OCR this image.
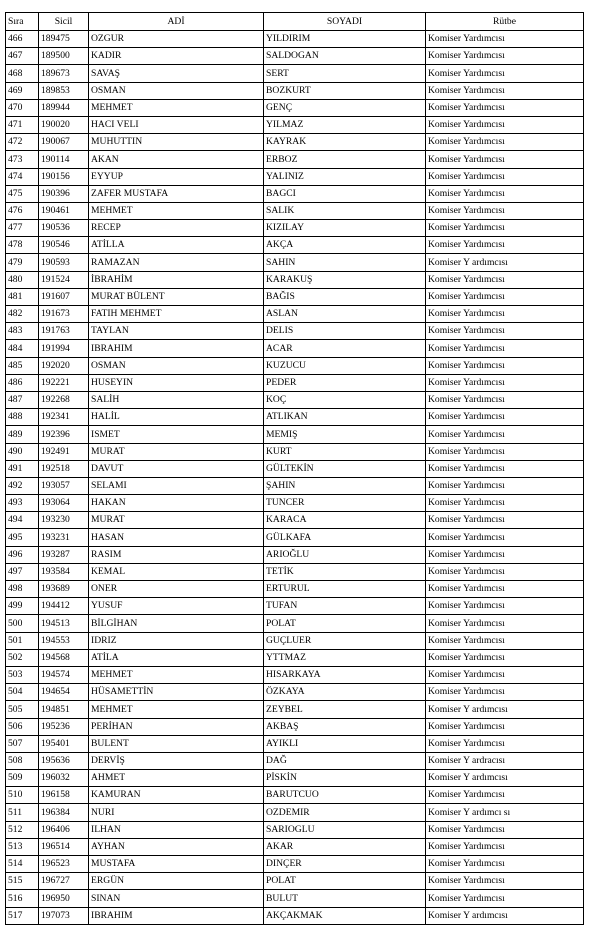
Sıra	Sicil	ADİ	SOYADI	Rütbe
466	189475	OZGUR	YILDIRIM	Komiser Yardımcısı
467	189500	KADIR	SALDOGAN	Komiser Yardımcısı
468	189673	SAVAŞ	SERT	Komiser Yardımcısı
469	189853	OSMAN	BOZKURT	Komiser Yardımcısı
470	189944	MEHMET	GENÇ	Komiser Yardımcısı
471	190020	HACI VELI	YILMAZ	Komiser Yardımcısı
472	190067	MUHUTTIN	KAYRAK	Komiser Yardımcısı
473	190114	AKAN	ERBOZ	Komiser Yardımcısı
474	190156	EYYUP	YALINIZ	Komiser Yardımcısı
475	190396	ZAFER MUSTAFA	BAGCI	Komiser Yardımcısı
476	190461	MEHMET	SALIK	Komiser Yardımcısı
477	190536	RECEP	KIZILAY	Komiser Yardımcısı
478	190546	ATİLLA	AKÇA	Komiser Yardımcısı
479	190593	RAMAZAN	SAHIN	Komiser Y ardımcısı
480	191524	İBRAHİM	KARAKUŞ	Komiser Yardımcısı
481	191607	MURAT BÜLENT	BAĞIS	Komiser Yardımcısı
482	191673	FATIH MEHMET	ASLAN	Komiser Yardımcısı
483	191763	TAYLAN	DELIS	Komiser Yardımcısı
484	191994	IBRAHIM	ACAR	Komiser Yardımcısı
485	192020	OSMAN	KUZUCU	Komiser Yardımcısı
486	192221	HUSEYIN	PEDER	Komiser Yardımcısı
487	192268	SALİH	KOÇ	Komiser Yardımcısı
488	192341	HALİL	ATLIKAN	Komiser Yardımcısı
489	192396	ISMET	MEMIŞ	Komiser Yardımcısı
490	192491	MURAT	KURT	Komiser Yardımcısı
491	192518	DAVUT	GÜLTEKİN	Komiser Yardımcısı
492	193057	SELAMI	ŞAHIN	Komiser Yardımcısı
493	193064	HAKAN	TUNCER	Komiser Yardımcısı
494	193230	MURAT	KARACA	Komiser Yardımcısı
495	193231	HASAN	GÜLKAFA	Komiser Yardımcısı
496	193287	RASIM	ARIOĞLU	Komiser Yardımcısı
497	193584	KEMAL	TETİK	Komiser Yardımcısı
498	193689	ONER	ERTURUL	Komiser Yardımcısı
499	194412	YUSUF	TUFAN	Komiser Yardımcısı
500	194513	BİLGİHAN	POLAT	Komiser Yardımcısı
501	194553	IDRIZ	GUÇLUER	Komiser Yardımcısı
502	194568	ATİLA	YTTMAZ	Komiser Yardımcısı
503	194574	MEHMET	HISARKAYA	Komiser Yardımcısı
504	194654	HÜSAMETTİN	ÖZKAYA	Komiser Yardımcısı
505	194851	MEHMET	ZEYBEL	Komiser Y ardımcısı
506	195236	PERİHAN	AKBAŞ	Komiser Yardımcısı
507	195401	BULENT	AYIKLI	Komiser Yardımcısı
508	195636	DERVİŞ	DAĞ	Komiser Y ardracısı
509	196032	AHMET	PİSKİN	Komiser Y ardımcısı
510	196158	KAMURAN	BARUTCUO	Komiser Yardımcısı
511	196384	NURI	OZDEMIR	Komiser Y ardımcı sı
512	196406	ILHAN	SARIOGLU	Komiser Yardımcısı
513	196514	AYHAN	AKAR	Komiser Yardımcısı
514	196523	MUSTAFA	DINÇER	Komiser Yardımcısı
515	196727	ERGÜN	POLAT	Komiser Yardımcısı
516	196950	SINAN	BULUT	Komiser Yardımcısı
517	197073	IBRAHIM	AKÇAKMAK	Komiser Y ardımcısı
